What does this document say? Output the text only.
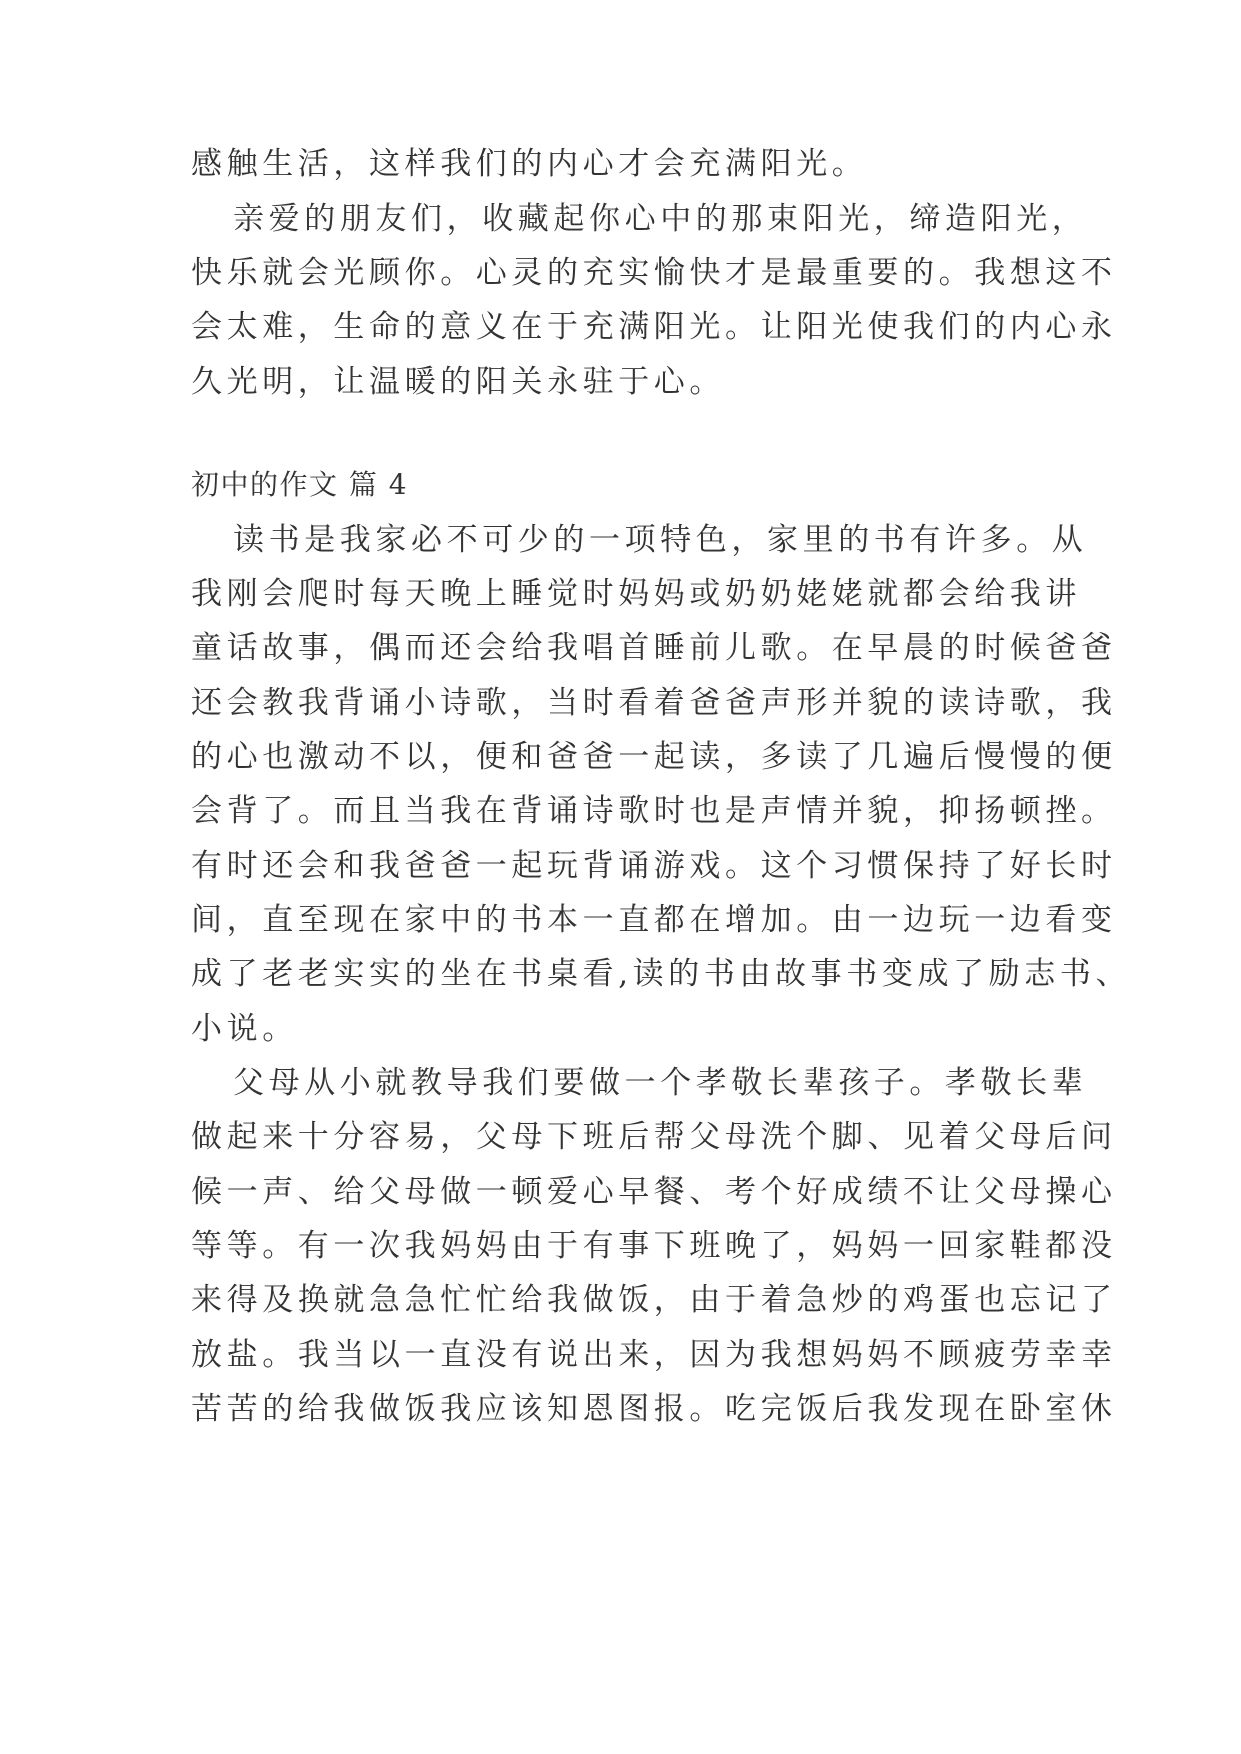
感触生活，这样我们的内心才会充满阳光。
亲爱的朋友们，收藏起你心中的那束阳光，缔造阳光，
快乐就会光顾你。心灵的充实愉快才是最重要的。我想这不
会太难，生命的意义在于充满阳光。让阳光使我们的内心永
久光明，让温暖的阳关永驻于心。
初中的作文 篇 4
读书是我家必不可少的一项特色，家里的书有许多。从
我刚会爬时每天晚上睡觉时妈妈或奶奶姥姥就都会给我讲
童话故事，偶而还会给我唱首睡前儿歌。在早晨的时候爸爸
还会教我背诵小诗歌，当时看着爸爸声形并貌的读诗歌，我
的心也激动不以，便和爸爸一起读，多读了几遍后慢慢的便
会背了。而且当我在背诵诗歌时也是声情并貌，抑扬顿挫。
有时还会和我爸爸一起玩背诵游戏。这个习惯保持了好长时
间，直至现在家中的书本一直都在增加。由一边玩一边看变
成了老老实实的坐在书桌看,读的书由故事书变成了励志书、
小说。
父母从小就教导我们要做一个孝敬长辈孩子。孝敬长辈
做起来十分容易，父母下班后帮父母洗个脚、见着父母后问
候一声、给父母做一顿爱心早餐、考个好成绩不让父母操心
等等。有一次我妈妈由于有事下班晚了，妈妈一回家鞋都没
来得及换就急急忙忙给我做饭，由于着急炒的鸡蛋也忘记了
放盐。我当以一直没有说出来，因为我想妈妈不顾疲劳幸幸
苦苦的给我做饭我应该知恩图报。吃完饭后我发现在卧室休
